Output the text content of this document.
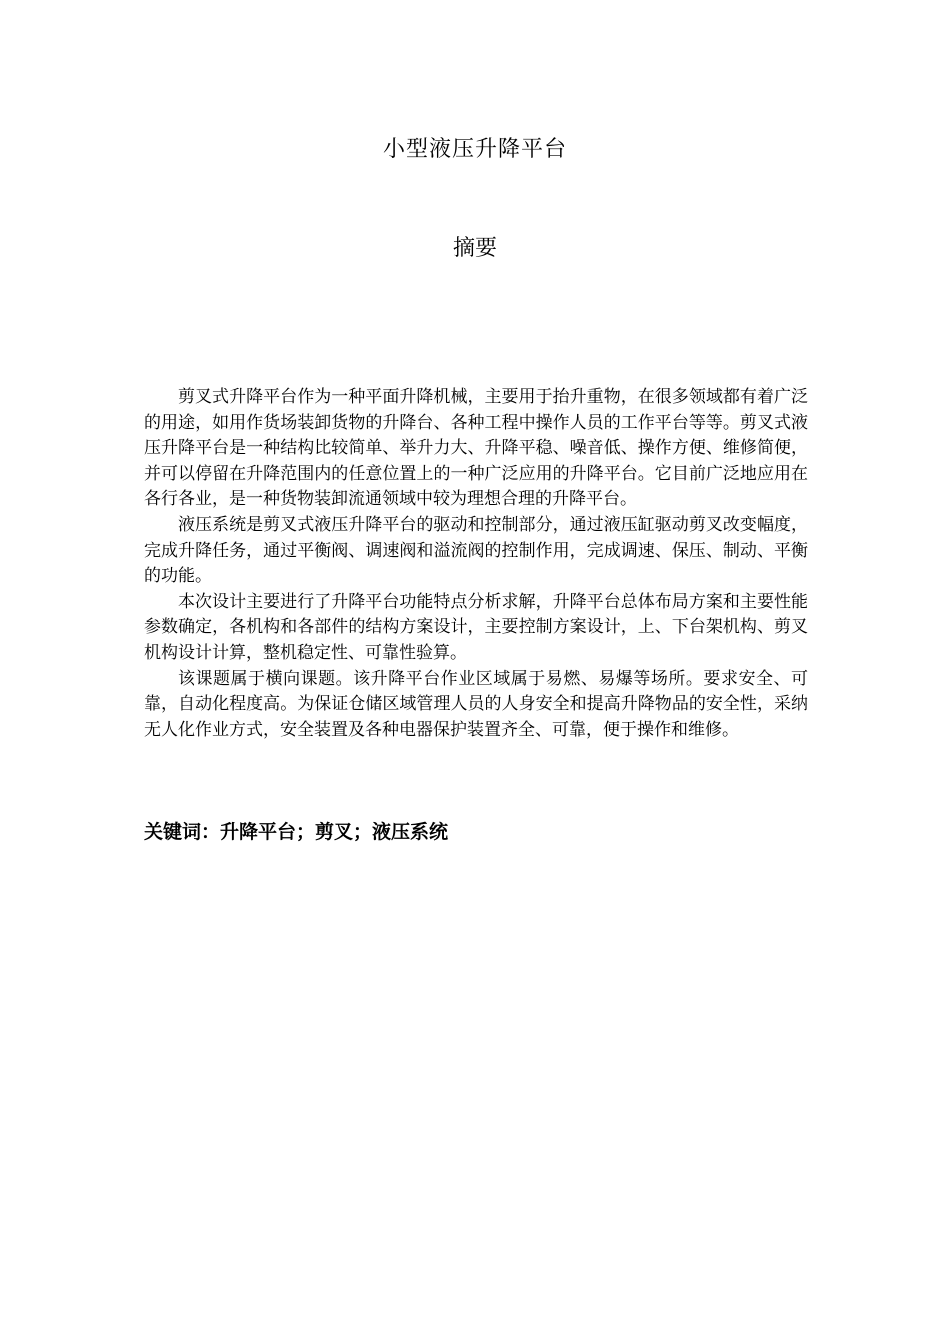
小型液压升降平台
摘要

剪叉式升降平台作为一种平面升降机械，主要用于抬升重物，在很多领域都有着广泛的用途，如用作货场装卸货物的升降台、各种工程中操作人员的工作平台等等。剪叉式液压升降平台是一种结构比较简单、举升力大、升降平稳、噪音低、操作方便、维修简便，并可以停留在升降范围内的任意位置上的一种广泛应用的升降平台。它目前广泛地应用在各行各业，是一种货物装卸流通领域中较为理想合理的升降平台。

液压系统是剪叉式液压升降平台的驱动和控制部分，通过液压缸驱动剪叉改变幅度，完成升降任务，通过平衡阀、调速阀和溢流阀的控制作用，完成调速、保压、制动、平衡的功能。

本次设计主要进行了升降平台功能特点分析求解，升降平台总体布局方案和主要性能参数确定，各机构和各部件的结构方案设计，主要控制方案设计，上、下台架机构、剪叉机构设计计算，整机稳定性、可靠性验算。

该课题属于横向课题。该升降平台作业区域属于易燃、易爆等场所。要求安全、可靠，自动化程度高。为保证仓储区域管理人员的人身安全和提高升降物品的安全性，采纳无人化作业方式，安全装置及各种电器保护装置齐全、可靠，便于操作和维修。

关键词：升降平台；剪叉；液压系统
